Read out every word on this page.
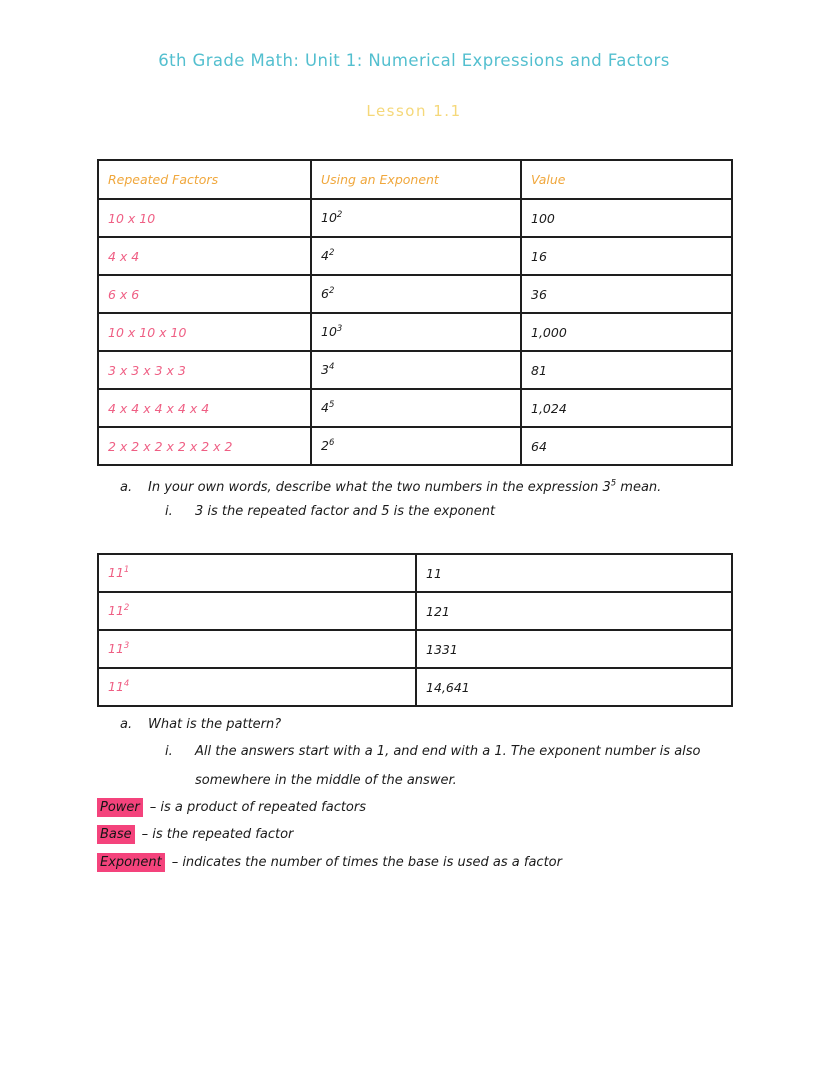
6th Grade Math: Unit 1: Numerical Expressions and Factors
Lesson 1.1
Repeated Factors	Using an Exponent	Value
10 x 10	$10^2$	100
4 x 4	$4^2$	16
6 x 6	$6^2$	36
10 x 10 x 10	$10^3$	1,000
3 x 3 x 3 x 3	$3^4$	81
4 x 4 x 4 x 4 x 4	$4^5$	1,024
2 x 2 x 2 x 2 x 2 x 2	$2^6$	64
a. In your own words, describe what the two numbers in the expression $3^5$ mean.
i. 3 is the repeated factor and 5 is the exponent
$11^1$	11
$11^2$	121
$11^3$	1331
$11^4$	14,641
a. What is the pattern?
i. All the answers start with a 1, and end with a 1. The exponent number is also
somewhere in the middle of the answer.
Power – is a product of repeated factors
Base – is the repeated factor
Exponent – indicates the number of times the base is used as a factor
